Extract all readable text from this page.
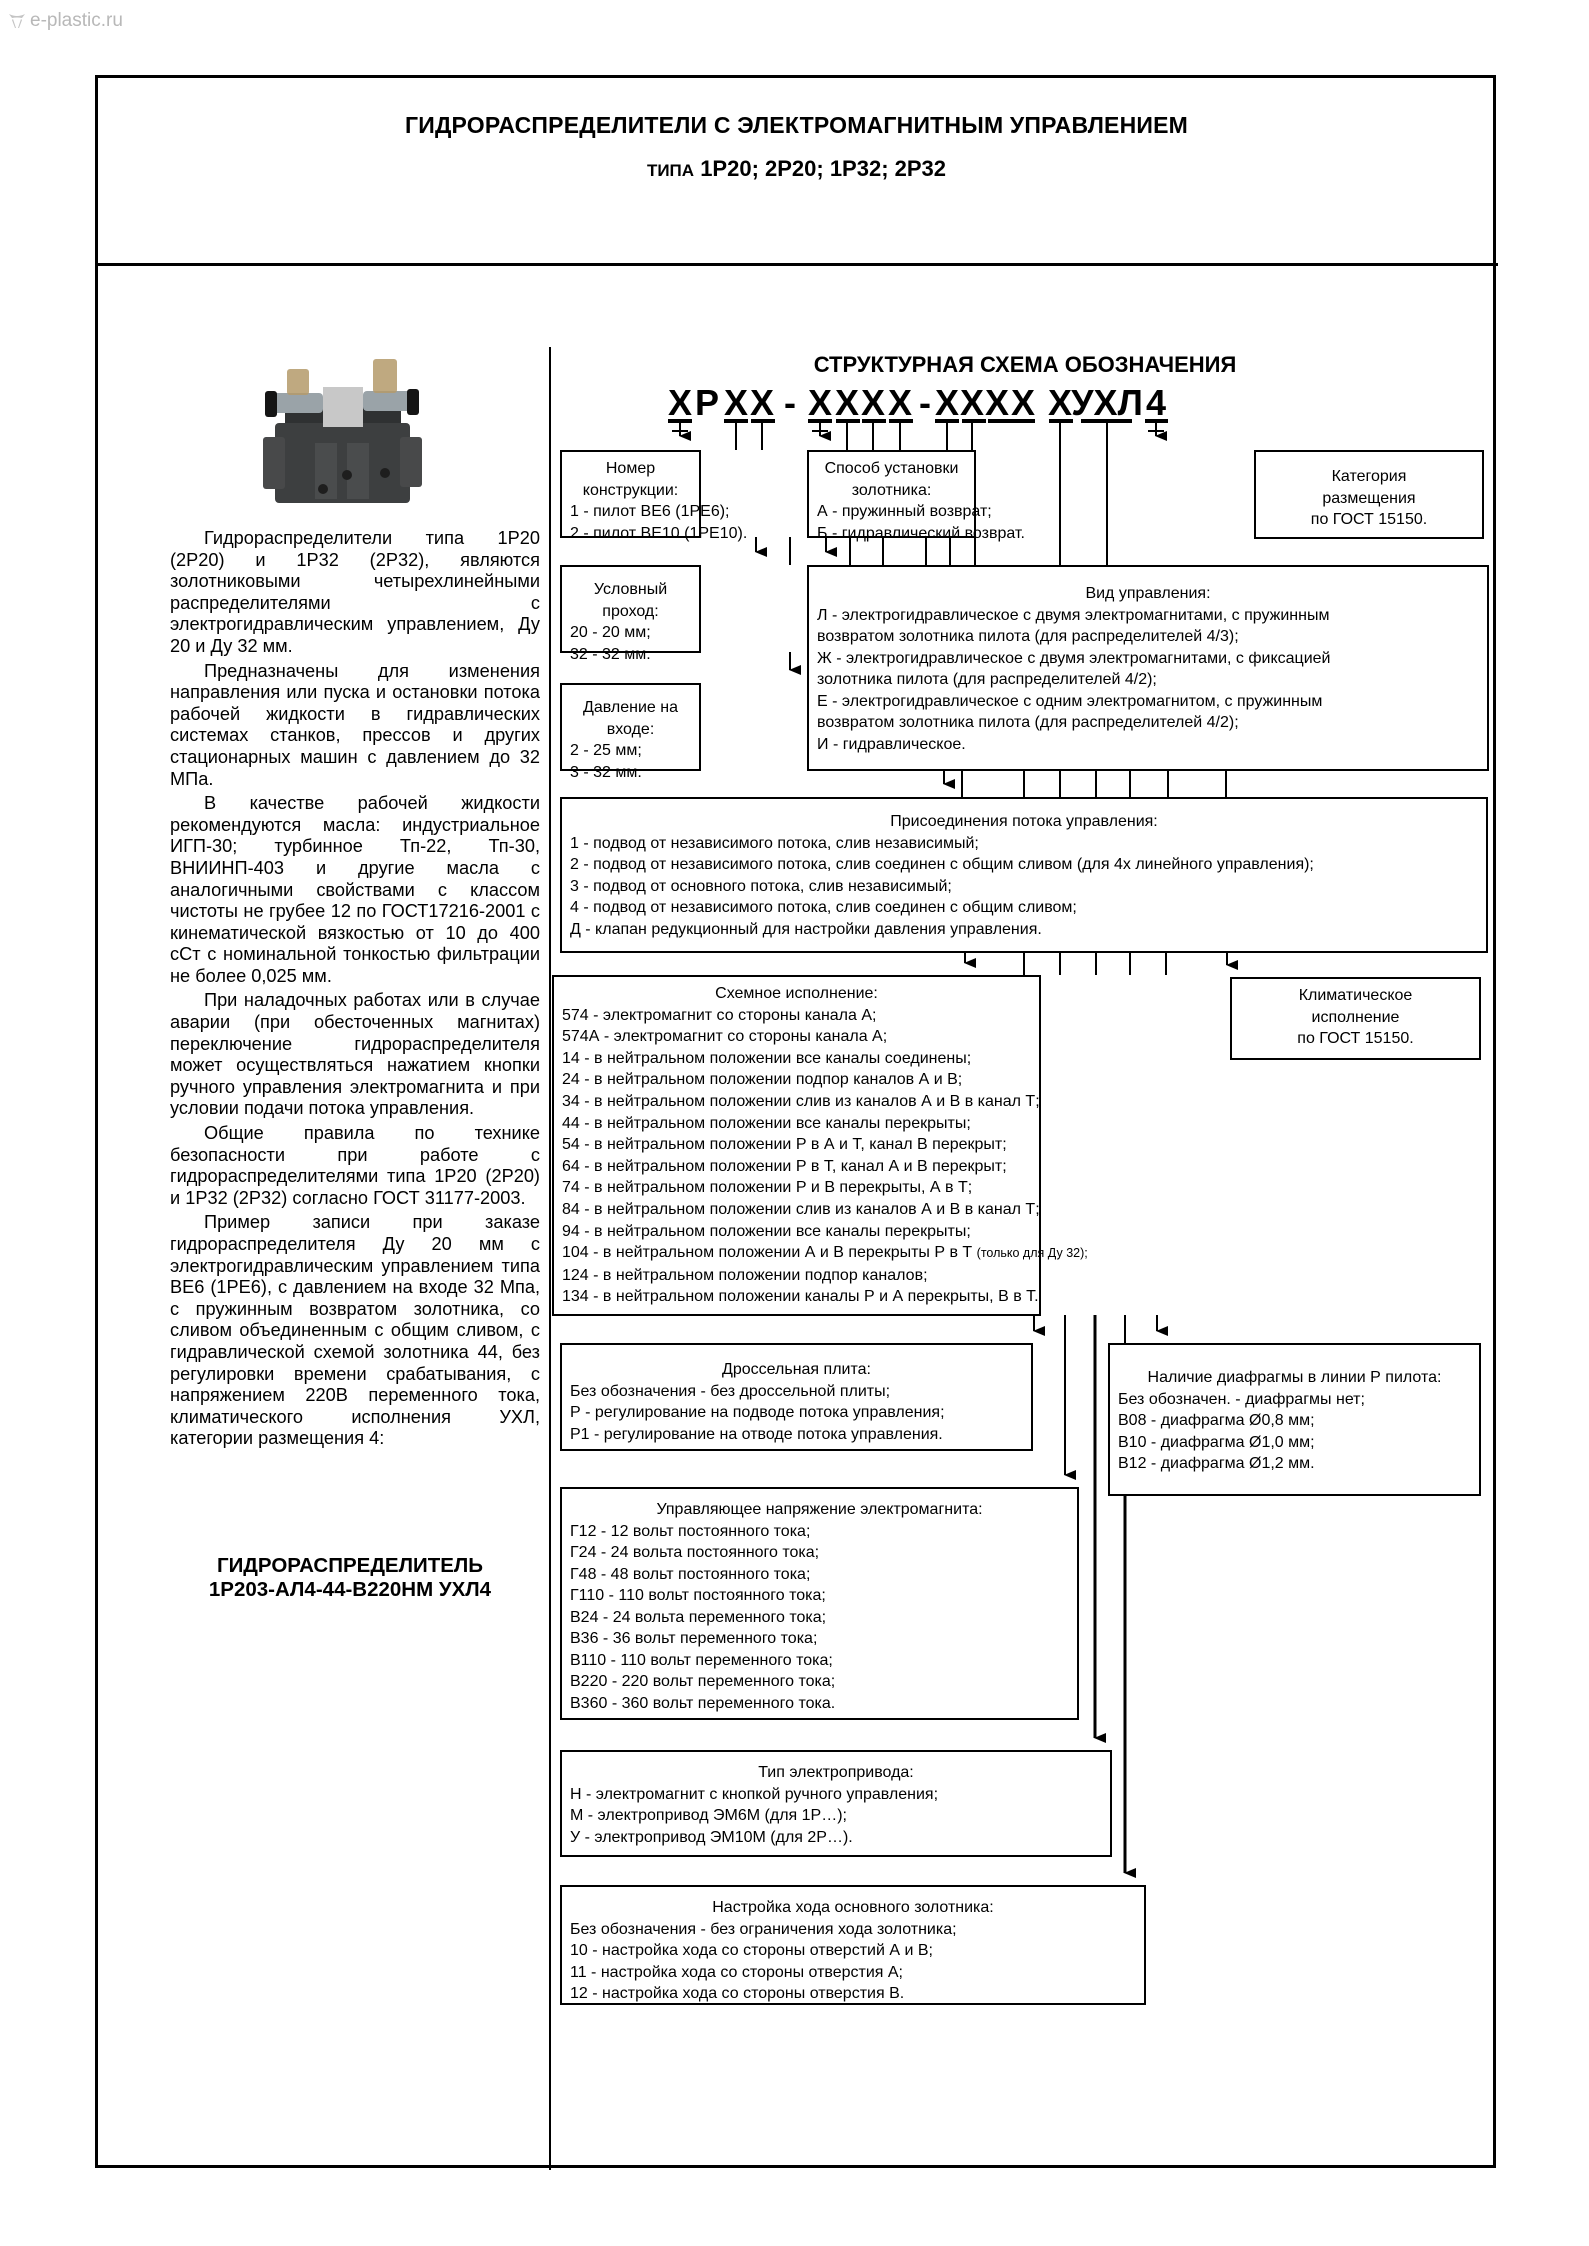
e-plastic.ru
ГИДРОРАСПРЕДЕЛИТЕЛИ С ЭЛЕКТРОМАГНИТНЫМ УПРАВЛЕНИЕМ
ТИПА 1Р20; 2Р20; 1Р32; 2Р32

Гидрораспределители типа 1Р20 (2Р20) и 1Р32 (2Р32), являются золотниковыми четырехлинейными распределителями с электрогидравлическим управлением, Ду 20 и Ду 32 мм.

Предназначены для изменения направления или пуска и остановки потока рабочей жидкости в гидравлических системах станков, прессов и других стационарных машин с давлением до 32 МПа.

В качестве рабочей жидкости рекомендуются масла: индустриальное ИГП-30; турбинное Тп-22, Тп-30, ВНИИНП-403 и другие масла с аналогичными свойствами с классом чистоты не грубее 12 по ГОСТ17216-2001 с кинематической вязкостью от 10 до 400 сСт с номинальной тонкостью фильтрации не более 0,025 мм.

При наладочных работах или в случае аварии (при обесточенных магнитах) переключение гидрораспределителя может осуществляться нажатием кнопки ручного управления электромагнита и при условии подачи потока управления.

Общие правила по технике безопасности при работе с гидрораспределителями типа 1Р20 (2Р20) и 1Р32 (2Р32) согласно ГОСТ 31177-2003.

Пример записи при заказе гидрораспределителя Ду 20 мм с электрогидравлическим управлением типа ВЕ6 (1РЕ6), с давлением на входе 32 Мпа, с пружинным возвратом золотника, со сливом объединенным с общим сливом, с гидравлической схемой золотника 44, без регулировки времени срабатывания, с напряжением 220В переменного тока, климатического исполнения УХЛ, категории размещения 4:

ГИДРОРАСПРЕДЕЛИТЕЛЬ
1Р203-АЛ4-44-В220НМ УХЛ4
СТРУКТУРНАЯ СХЕМА ОБОЗНАЧЕНИЯ
Х Р Х Х - Х Х Х Х - Х Х Х Х Х УХЛ 4
Номер конструкции:
1 - пилот ВЕ6 (1РЕ6);
2 - пилот ВЕ10 (1РЕ10).
Способ установки золотника:
А - пружинный возврат;
Б - гидравлический возврат.
Категория
размещения
по ГОСТ 15150.
Условный проход:
20 - 20 мм;
32 - 32 мм.
Давление на входе:
2 - 25 мм;
3 - 32 мм.
Вид управления:
Л - электрогидравлическое с двумя электромагнитами, с пружинным
возвратом золотника пилота (для распределителей 4/3);
Ж - электрогидравлическое с двумя электромагнитами, с фиксацией
золотника пилота (для распределителей 4/2);
Е - электрогидравлическое с одним электромагнитом, с пружинным
возвратом золотника пилота (для распределителей 4/2);
И - гидравлическое.
Присоединения потока управления:
1 - подвод от независимого потока, слив независимый;
2 - подвод от независимого потока, слив соединен с общим сливом (для 4х линейного управления);
3 - подвод от основного потока, слив независимый;
4 - подвод от независимого потока, слив соединен с общим сливом;
Д - клапан редукционный для настройки давления управления.
Схемное исполнение:
574 - электромагнит со стороны канала А;
574А - электромагнит со стороны канала А;
14 - в нейтральном положении все каналы соединены;
24 - в нейтральном положении подпор каналов А и В;
34 - в нейтральном положении слив из каналов А и В в канал Т;
44 - в нейтральном положении все каналы перекрыты;
54 - в нейтральном положении Р в А и Т, канал В перекрыт;
64 - в нейтральном положении Р в Т, канал А и В перекрыт;
74 - в нейтральном положении Р и В перекрыты, А в Т;
84 - в нейтральном положении слив из каналов А и В в канал Т;
94 - в нейтральном положении все каналы перекрыты;
104 - в нейтральном положении А и В перекрыты Р в Т (только для Ду 32);
124 - в нейтральном положении подпор каналов;
134 - в нейтральном положении каналы Р и А перекрыты, В в Т.
Климатическое
исполнение
по ГОСТ 15150.
Дроссельная плита:
Без обозначения - без дроссельной плиты;
Р - регулирование на подводе потока управления;
Р1 - регулирование на отводе потока управления.
Наличие диафрагмы в линии Р пилота:
Без обозначен. - диафрагмы нет;
В08 - диафрагма Ø0,8 мм;
В10 - диафрагма Ø1,0 мм;
В12 - диафрагма Ø1,2 мм.
Управляющее напряжение электромагнита:
Г12 - 12 вольт постоянного тока;
Г24 - 24 вольта постоянного тока;
Г48 - 48 вольт постоянного тока;
Г110 - 110 вольт постоянного тока;
В24 - 24 вольта переменного тока;
В36 - 36 вольт переменного тока;
В110 - 110 вольт переменного тока;
В220 - 220 вольт переменного тока;
В360 - 360 вольт переменного тока.
Тип электропривода:
Н - электромагнит с кнопкой ручного управления;
М - электропривод ЭМ6М (для 1Р…);
У - электропривод ЭМ10М (для 2Р…).
Настройка хода основного золотника:
Без обозначения - без ограничения хода золотника;
10 - настройка хода со стороны отверстий А и В;
11 - настройка хода со стороны отверстия А;
12 - настройка хода со стороны отверстия В.
